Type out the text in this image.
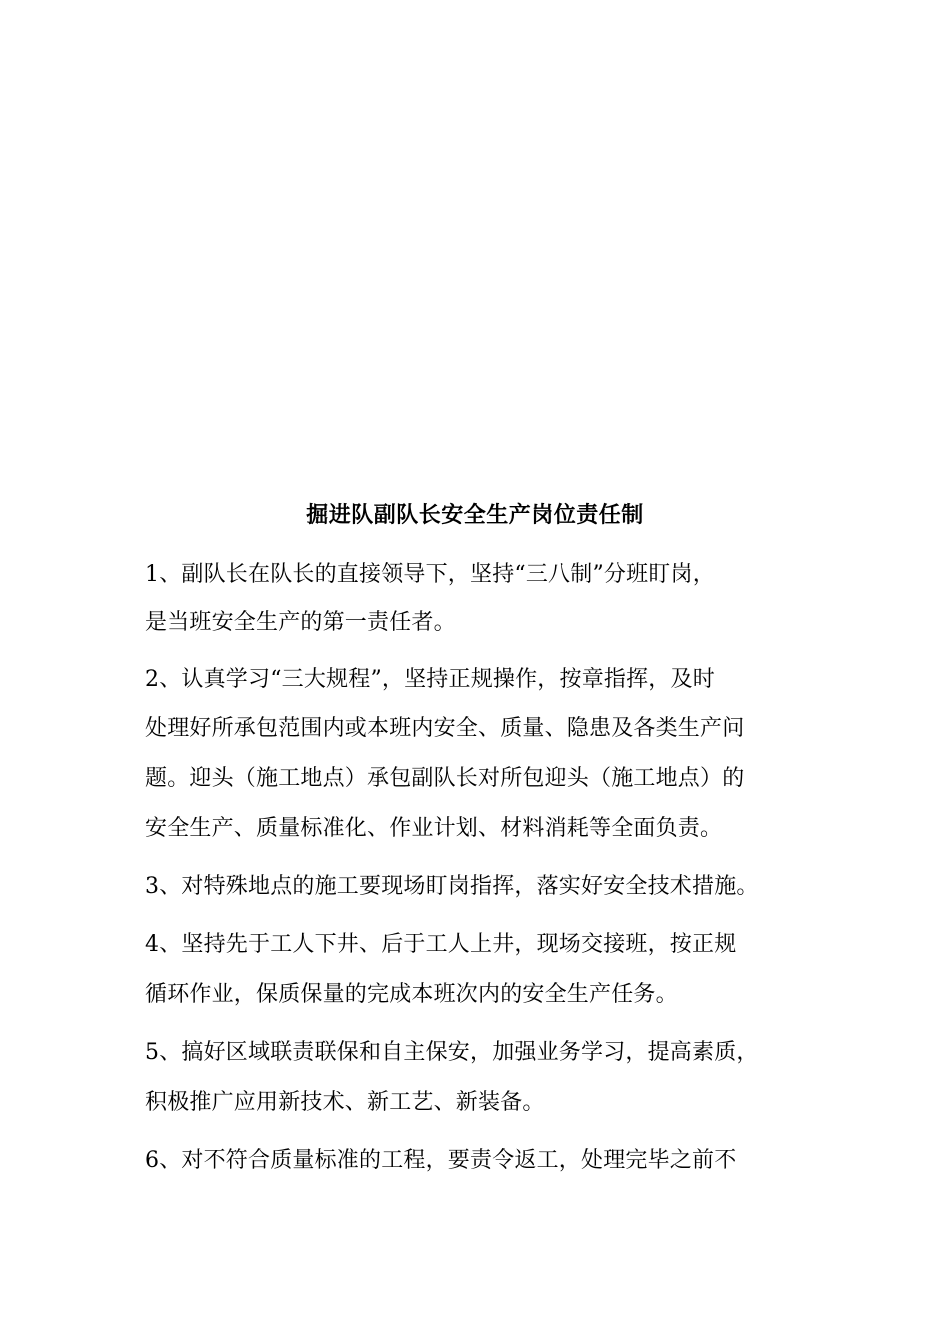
掘进队副队长安全生产岗位责任制
1、副队长在队长的直接领导下，坚持“三八制”分班盯岗，
是当班安全生产的第一责任者。
2、认真学习“三大规程”，坚持正规操作，按章指挥，及时
处理好所承包范围内或本班内安全、质量、隐患及各类生产问
题。迎头（施工地点）承包副队长对所包迎头（施工地点）的
安全生产、质量标准化、作业计划、材料消耗等全面负责。
3、对特殊地点的施工要现场盯岗指挥，落实好安全技术措施。
4、坚持先于工人下井、后于工人上井，现场交接班，按正规
循环作业，保质保量的完成本班次内的安全生产任务。
5、搞好区域联责联保和自主保安，加强业务学习，提高素质，
积极推广应用新技术、新工艺、新装备。
6、对不符合质量标准的工程，要责令返工，处理完毕之前不
